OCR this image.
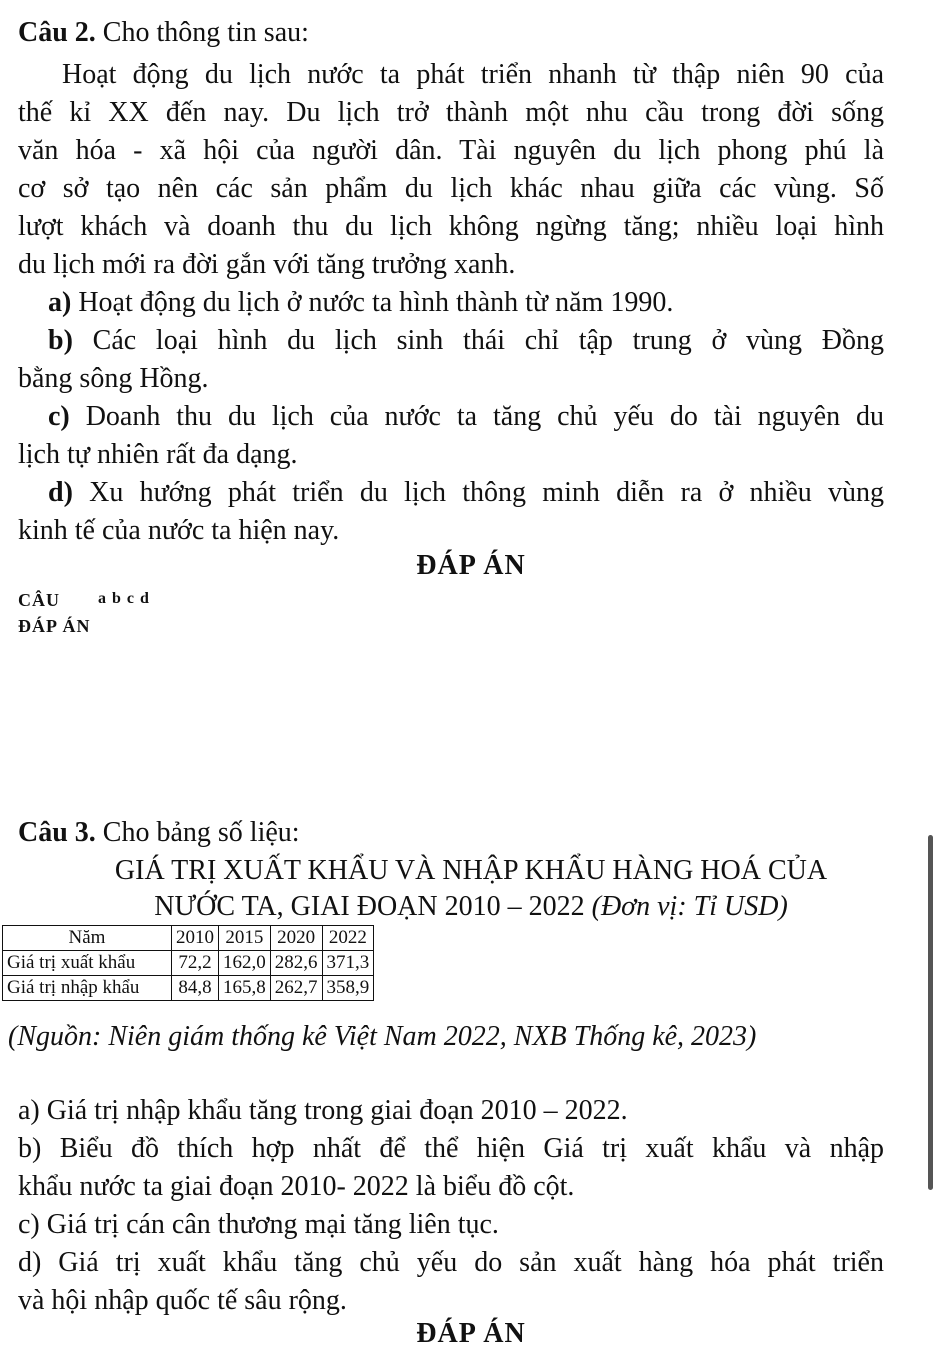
Câu 2. Cho thông tin sau:
Hoạt động du lịch nước ta phát triển nhanh từ thập niên 90 của
thế kỉ XX đến nay. Du lịch trở thành một nhu cầu trong đời sống
văn hóa - xã hội của người dân. Tài nguyên du lịch phong phú là
cơ sở tạo nên các sản phẩm du lịch khác nhau giữa các vùng. Số
lượt khách và doanh thu du lịch không ngừng tăng; nhiều loại hình
du lịch mới ra đời gắn với tăng trưởng xanh.
a) Hoạt động du lịch ở nước ta hình thành từ năm 1990.
b) Các loại hình du lịch sinh thái chỉ tập trung ở vùng Đồng
bằng sông Hồng.
c) Doanh thu du lịch của nước ta tăng chủ yếu do tài nguyên du
lịch tự nhiên rất đa dạng.
d) Xu hướng phát triển du lịch thông minh diễn ra ở nhiều vùng
kinh tế của nước ta hiện nay.
ĐÁP ÁN
CÂU a b c d
ĐÁP ÁN
Câu 3. Cho bảng số liệu:
GIÁ TRỊ XUẤT KHẨU VÀ NHẬP KHẨU HÀNG HOÁ CỦA
NƯỚC TA, GIAI ĐOẠN 2010 – 2022 (Đơn vị: Tỉ USD)
Năm	2010	2015	2020	2022
Giá trị xuất khẩu	72,2	162,0	282,6	371,3
Giá trị nhập khẩu	84,8	165,8	262,7	358,9
(Nguồn: Niên giám thống kê Việt Nam 2022, NXB Thống kê, 2023)
a) Giá trị nhập khẩu tăng trong giai đoạn 2010 – 2022.
b) Biểu đồ thích hợp nhất để thể hiện Giá trị xuất khẩu và nhập
khẩu nước ta giai đoạn 2010- 2022 là biểu đồ cột.
c) Giá trị cán cân thương mại tăng liên tục.
d) Giá trị xuất khẩu tăng chủ yếu do sản xuất hàng hóa phát triển
và hội nhập quốc tế sâu rộng.
ĐÁP ÁN
